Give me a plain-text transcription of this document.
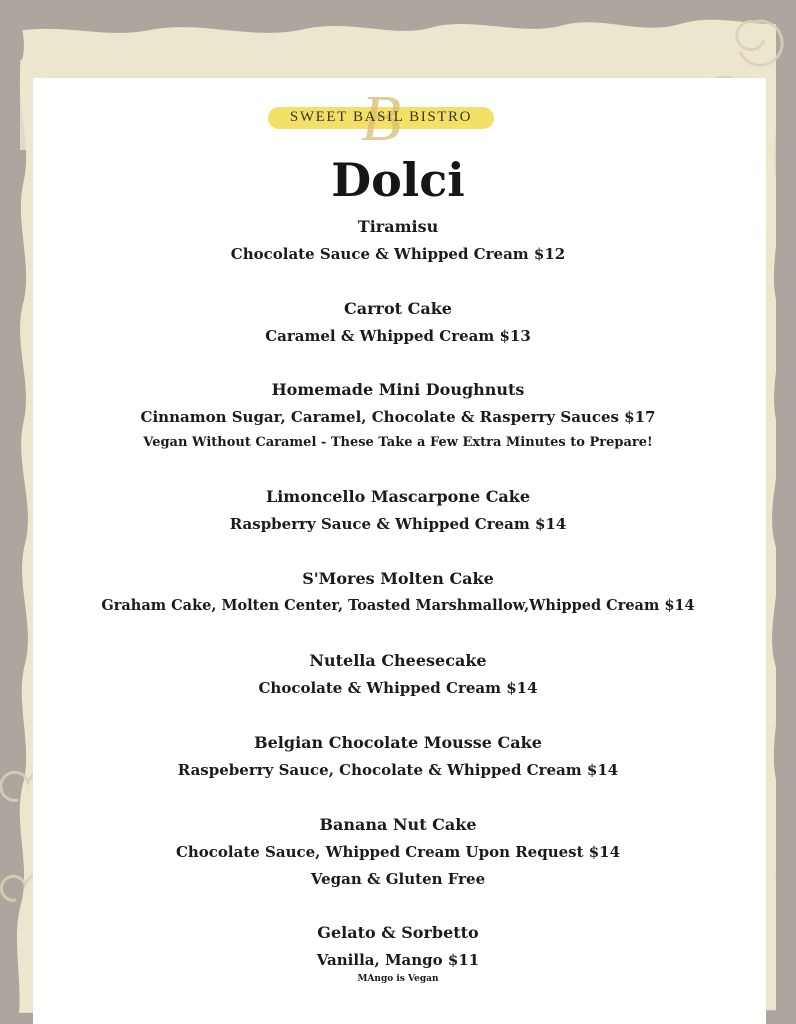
B
SWEET BASIL BISTRO
Dolci
Tiramisu
Chocolate Sauce & Whipped Cream $12
Carrot Cake
Caramel & Whipped Cream $13
Homemade Mini Doughnuts
Cinnamon Sugar, Caramel, Chocolate & Rasperry Sauces $17
Vegan Without Caramel - These Take a Few Extra Minutes to Prepare!
Limoncello Mascarpone Cake
Raspberry Sauce & Whipped Cream $14
S'Mores Molten Cake
Graham Cake, Molten Center, Toasted Marshmallow,Whipped Cream $14
Nutella Cheesecake
Chocolate & Whipped Cream $14
Belgian Chocolate Mousse Cake
Raspeberry Sauce, Chocolate & Whipped Cream $14
Banana Nut Cake
Chocolate Sauce, Whipped Cream Upon Request $14
Vegan & Gluten Free
Gelato & Sorbetto
Vanilla, Mango $11
MAngo is Vegan
